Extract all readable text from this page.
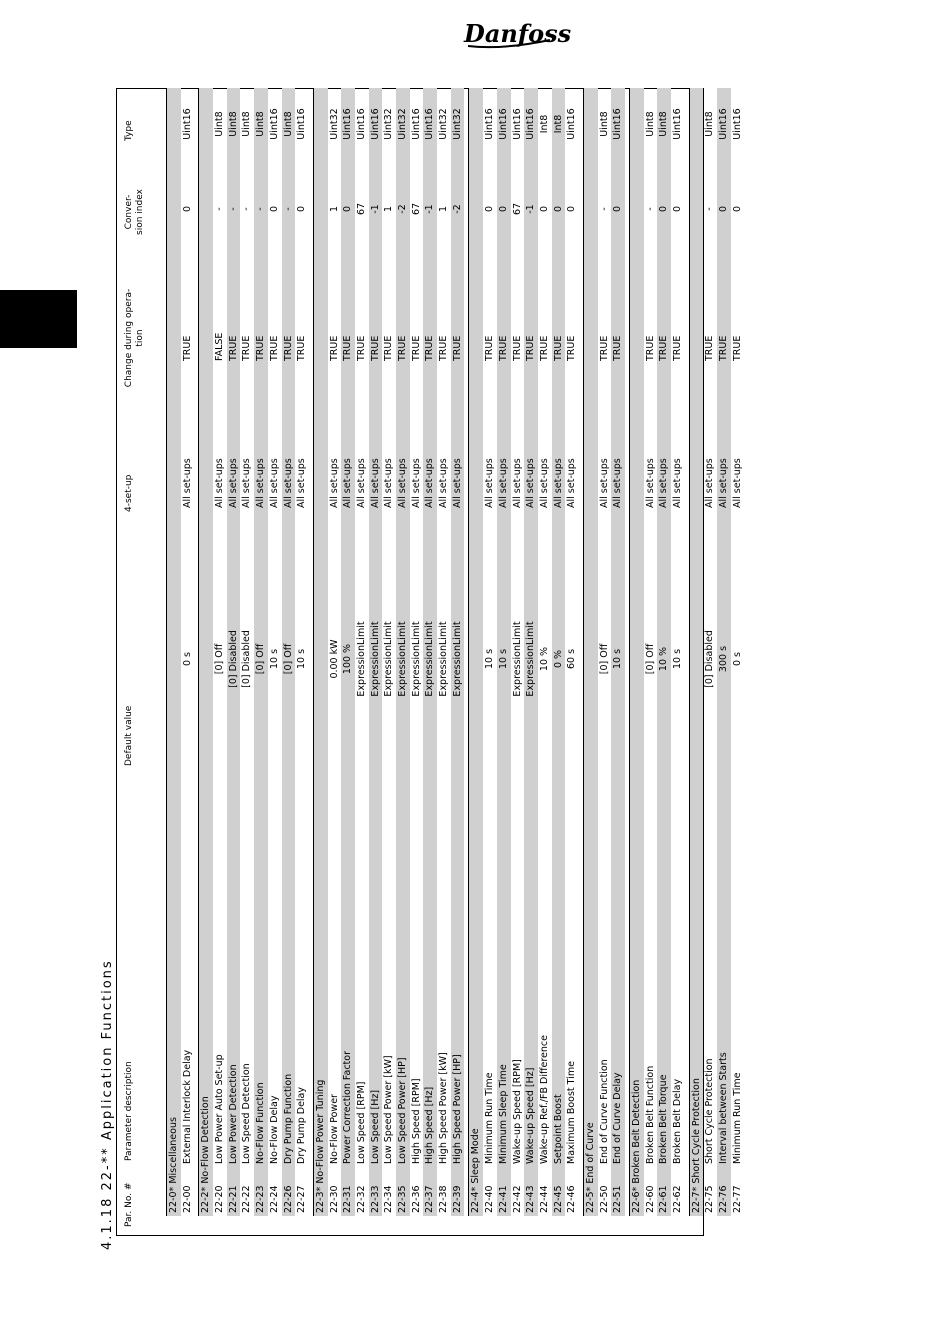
Danfoss
4.1.18 22-** Application Functions Par. No. #
Parameter description
Default value
4-set-up
Change during opera-tion
Conver-sion index
Type
22-0* Miscellaneous 22-00
External Interlock Delay
0 s
All set-ups
TRUE
0
Uint16
22-2* No-Flow Detection 22-20
Low Power Auto Set-up
[0] Off
All set-ups
FALSE
-
Uint8
22-21
Low Power Detection
[0] Disabled
All set-ups
TRUE
-
Uint8
22-22
Low Speed Detection
[0] Disabled
All set-ups
TRUE
-
Uint8
22-23
No-Flow Function
[0] Off
All set-ups
TRUE
-
Uint8
22-24
No-Flow Delay
10 s
All set-ups
TRUE
0
Uint16
22-26
Dry Pump Function
[0] Off
All set-ups
TRUE
-
Uint8
22-27
Dry Pump Delay
10 s
All set-ups
TRUE
0
Uint16
22-3* No-Flow Power Tuning 22-30
No-Flow Power
0.00 kW
All set-ups
TRUE
1
Uint32
22-31
Power Correction Factor
100 %
All set-ups
TRUE
0
Uint16
22-32
Low Speed [RPM]
ExpressionLimit
All set-ups
TRUE
67
Uint16
22-33
Low Speed [Hz]
ExpressionLimit
All set-ups
TRUE
-1
Uint16
22-34
Low Speed Power [kW]
ExpressionLimit
All set-ups
TRUE
1
Uint32
22-35
Low Speed Power [HP]
ExpressionLimit
All set-ups
TRUE
-2
Uint32
22-36
High Speed [RPM]
ExpressionLimit
All set-ups
TRUE
67
Uint16
22-37
High Speed [Hz]
ExpressionLimit
All set-ups
TRUE
-1
Uint16
22-38
High Speed Power [kW]
ExpressionLimit
All set-ups
TRUE
1
Uint32
22-39
High Speed Power [HP]
ExpressionLimit
All set-ups
TRUE
-2
Uint32
22-4* Sleep Mode 22-40
Minimum Run Time
10 s
All set-ups
TRUE
0
Uint16
22-41
Minimum Sleep Time
10 s
All set-ups
TRUE
0
Uint16
22-42
Wake-up Speed [RPM]
ExpressionLimit
All set-ups
TRUE
67
Uint16
22-43
Wake-up Speed [Hz]
ExpressionLimit
All set-ups
TRUE
-1
Uint16
22-44
Wake-up Ref./FB Difference
10 %
All set-ups
TRUE
0
Int8
22-45
Setpoint Boost
0 %
All set-ups
TRUE
0
Int8
22-46
Maximum Boost Time
60 s
All set-ups
TRUE
0
Uint16
22-5* End of Curve 22-50
End of Curve Function
[0] Off
All set-ups
TRUE
-
Uint8
22-51
End of Curve Delay
10 s
All set-ups
TRUE
0
Uint16
22-6* Broken Belt Detection 22-60
Broken Belt Function
[0] Off
All set-ups
TRUE
-
Uint8
22-61
Broken Belt Torque
10 %
All set-ups
TRUE
0
Uint8
22-62
Broken Belt Delay
10 s
All set-ups
TRUE
0
Uint16
22-7* Short Cycle Protection 22-75
Short Cycle Protection
[0] Disabled
All set-ups
TRUE
-
Uint8
22-76
Interval between Starts
300 s
All set-ups
TRUE
0
Uint16
22-77
Minimum Run Time
0 s
All set-ups
TRUE
0
Uint16
